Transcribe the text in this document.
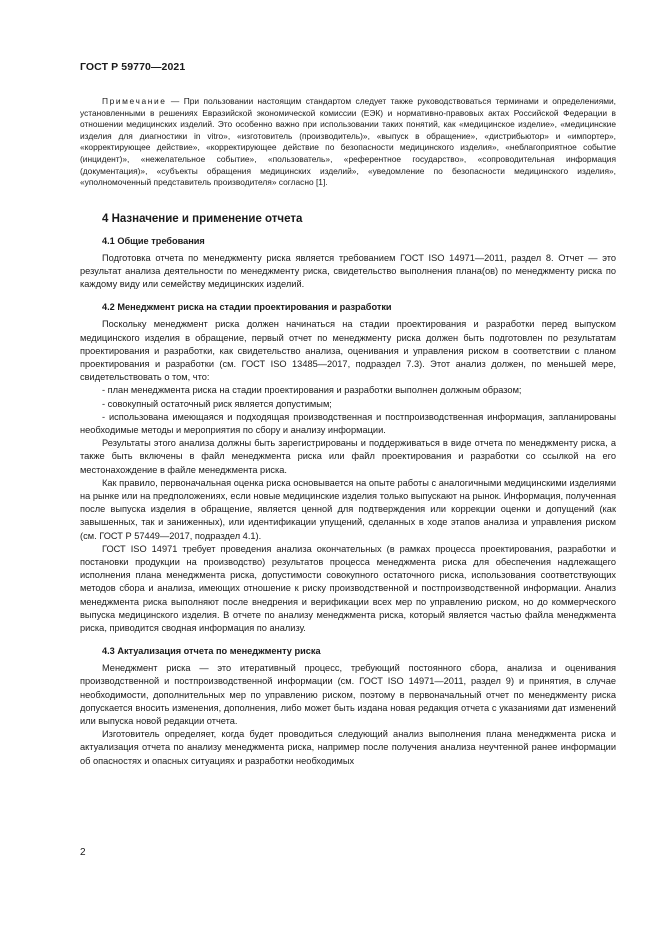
ГОСТ Р 59770—2021

Примечание — При пользовании настоящим стандартом следует также руководствоваться терминами и определениями, установленными в решениях Евразийской экономической комиссии (ЕЭК) и нормативно-правовых актах Российской Федерации в отношении медицинских изделий. Это особенно важно при использовании таких понятий, как «медицинское изделие», «медицинские изделия для диагностики in vitro», «изготовитель (производитель)», «выпуск в обращение», «дистрибьютор» и «импортер», «корректирующее действие», «корректирующее действие по безопасности медицинского изделия», «неблагоприятное событие (инцидент)», «нежелательное событие», «пользователь», «референтное государство», «сопроводительная информация (документация)», «субъекты обращения медицинских изделий», «уведомление по безопасности медицинского изделия», «уполномоченный представитель производителя» согласно [1].

4 Назначение и применение отчета
4.1 Общие требования

Подготовка отчета по менеджменту риска является требованием ГОСТ ISO 14971—2011, раздел 8. Отчет — это результат анализа деятельности по менеджменту риска, свидетельство выполнения плана(ов) по менеджменту риска по каждому виду или семейству медицинских изделий.

4.2 Менеджмент риска на стадии проектирования и разработки

Поскольку менеджмент риска должен начинаться на стадии проектирования и разработки перед выпуском медицинского изделия в обращение, первый отчет по менеджменту риска должен быть подготовлен по результатам проектирования и разработки, как свидетельство анализа, оценивания и управления риском в соответствии с планом проектирования и разработки (см. ГОСТ ISO 13485—2017, подраздел 7.3). Этот анализ должен, по меньшей мере, свидетельствовать о том, что:

- план менеджмента риска на стадии проектирования и разработки выполнен должным образом;
- совокупный остаточный риск является допустимым;
- использована имеющаяся и подходящая производственная и постпроизводственная информация, запланированы необходимые методы и мероприятия по сбору и анализу информации.

Результаты этого анализа должны быть зарегистрированы и поддерживаться в виде отчета по менеджменту риска, а также быть включены в файл менеджмента риска или файл проектирования и разработки со ссылкой на его местонахождение в файле менеджмента риска.

Как правило, первоначальная оценка риска основывается на опыте работы с аналогичными медицинскими изделиями на рынке или на предположениях, если новые медицинские изделия только выпускают на рынок. Информация, полученная после выпуска изделия в обращение, является ценной для подтверждения или коррекции оценки и допущений (как завышенных, так и заниженных), или идентификации упущений, сделанных в ходе этапов анализа и управления риском (см. ГОСТ Р 57449—2017, подраздел 4.1).

ГОСТ ISO 14971 требует проведения анализа окончательных (в рамках процесса проектирования, разработки и постановки продукции на производство) результатов процесса менеджмента риска для обеспечения надлежащего исполнения плана менеджмента риска, допустимости совокупного остаточного риска, использования соответствующих методов сбора и анализа, имеющих отношение к риску производственной и постпроизводственной информации. Анализ менеджмента риска выполняют после внедрения и верификации всех мер по управлению риском, но до коммерческого выпуска медицинского изделия. В отчете по анализу менеджмента риска, который является частью файла менеджмента риска, приводится сводная информация по анализу.

4.3 Актуализация отчета по менеджменту риска

Менеджмент риска — это итеративный процесс, требующий постоянного сбора, анализа и оценивания производственной и постпроизводственной информации (см. ГОСТ ISO 14971—2011, раздел 9) и принятия, в случае необходимости, дополнительных мер по управлению риском, поэтому в первоначальный отчет по менеджменту риска допускается вносить изменения, дополнения, либо может быть издана новая редакция отчета с указаниями дат изменений или выпуска новой редакции отчета.

Изготовитель определяет, когда будет проводиться следующий анализ выполнения плана менеджмента риска и актуализация отчета по анализу менеджмента риска, например после получения анализа неучтенной ранее информации об опасностях и опасных ситуациях и разработки необходимых

2
